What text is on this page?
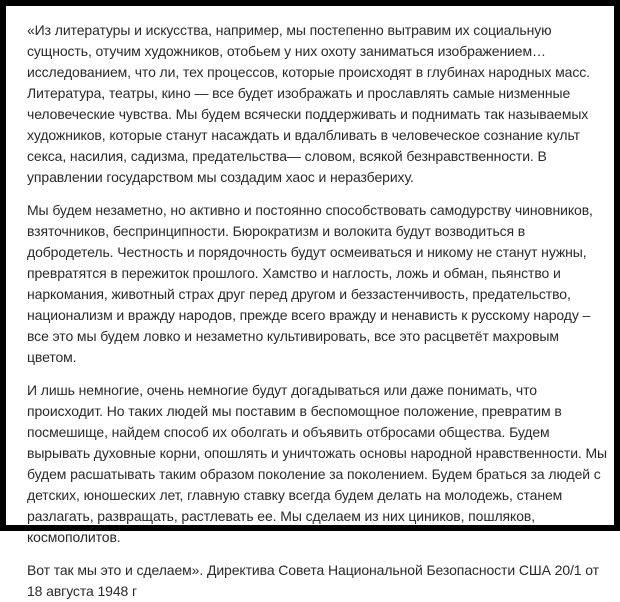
«Из литературы и искусства, например, мы постепенно вытравим их социальную сущность, отучим художников, отобьем у них охоту заниматься изображением… исследованием, что ли, тех процессов, которые происходят в глубинах народных масс. Литература, театры, кино — все будет изображать и прославлять самые низменные человеческие чувства. Мы будем всячески поддерживать и поднимать так называемых художников, которые станут насаждать и вдалбливать в человеческое сознание культ секса, насилия, садизма, предательства— словом, всякой безнравственности. В управлении государством мы создадим хаос и неразбериху.

Мы будем незаметно, но активно и постоянно способствовать самодурству чиновников, взяточников, беспринципности. Бюрократизм и волокита будут возводиться в добродетель. Честность и порядочность будут осмеиваться и никому не станут нужны, превратятся в пережиток прошлого. Хамство и наглость, ложь и обман, пьянство и наркомания, животный страх друг перед другом и беззастенчивость, предательство, национализм и вражду народов, прежде всего вражду и ненависть к русскому народу – все это мы будем ловко и незаметно культивировать, все это расцветёт махровым цветом.

И лишь немногие, очень немногие будут догадываться или даже понимать, что происходит. Но таких людей мы поставим в беспомощное положение, превратим в посмешище, найдем способ их оболгать и объявить отбросами общества. Будем вырывать духовные корни, опошлять и уничтожать основы народной нравственности. Мы будем расшатывать таким образом поколение за поколением. Будем браться за людей с детских, юношеских лет, главную ставку всегда будем делать на молодежь, станем разлагать, развращать, растлевать ее. Мы сделаем из них циников, пошляков, космополитов.

Вот так мы это и сделаем». Директива Совета Национальной Безопасности США 20/1 от 18 августа 1948 г
